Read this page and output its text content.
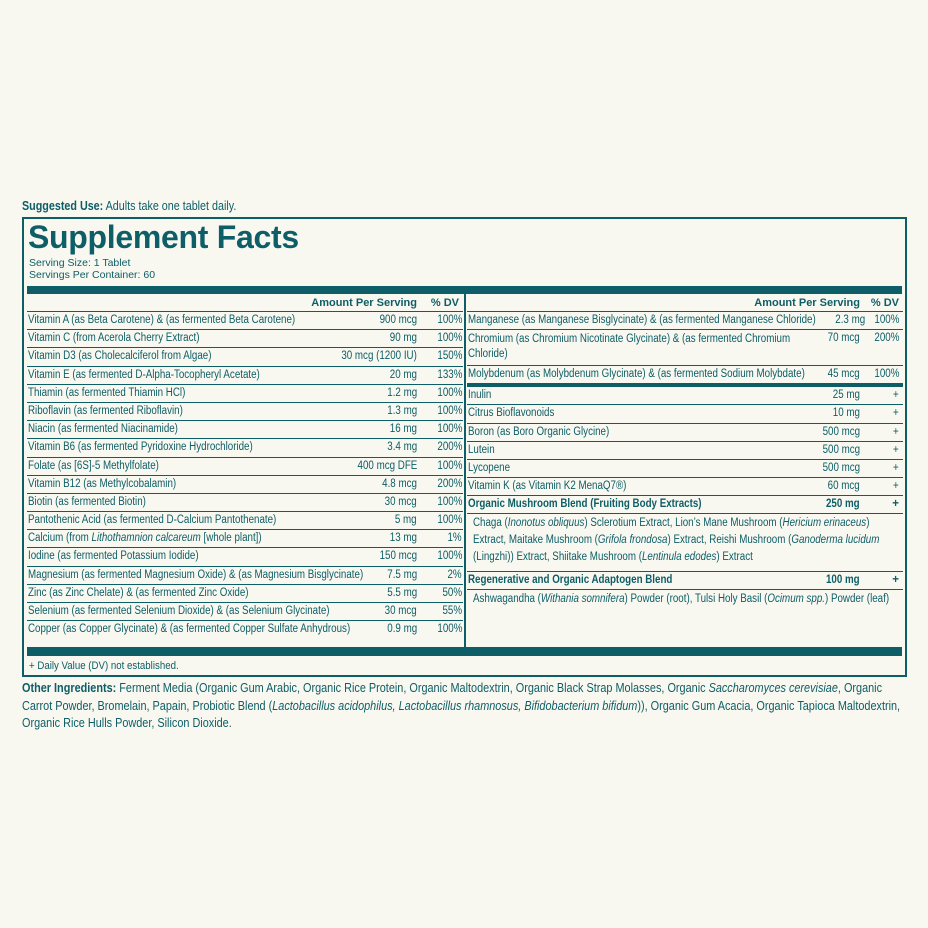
Suggested Use: Adults take one tablet daily.
Supplement Facts
Serving Size: 1 Tablet
Servings Per Container: 60
Amount Per Serving % DV
Vitamin A (as Beta Carotene) & (as fermented Beta Carotene)	900 mcg 100%
Vitamin C (from Acerola Cherry Extract)	90 mg 100%
Vitamin D3 (as Cholecalciferol from Algae)	30 mcg (1200 IU) 150%
Vitamin E (as fermented D-Alpha-Tocopheryl Acetate)	20 mg 133%
Thiamin (as fermented Thiamin HCl)	1.2 mg 100%
Riboflavin (as fermented Riboflavin)	1.3 mg 100%
Niacin (as fermented Niacinamide)	16 mg 100%
Vitamin B6 (as fermented Pyridoxine Hydrochloride)	3.4 mg 200%
Folate (as [6S]-5 Methylfolate)	400 mcg DFE 100%
Vitamin B12 (as Methylcobalamin)	4.8 mcg 200%
Biotin (as fermented Biotin)	30 mcg 100%
Pantothenic Acid (as fermented D-Calcium Pantothenate)	5 mg 100%
Calcium (from Lithothamnion calcareum [whole plant])	13 mg	1%
Iodine (as fermented Potassium Iodide)	150 mcg 100%
Magnesium (as fermented Magnesium Oxide) & (as Magnesium Bisglycinate) 7.5 mg	2%
Zinc (as Zinc Chelate) & (as fermented Zinc Oxide)	5.5 mg 50%
Selenium (as fermented Selenium Dioxide) & (as Selenium Glycinate)	30 mcg 55%
Copper (as Copper Glycinate) & (as fermented Copper Sulfate Anhydrous)	0.9 mg 100%
Amount Per Serving % DV
Manganese (as Manganese Bisglycinate) & (as fermented Manganese Chloride) 2.3 mg 100%
Chromium (as Chromium Nicotinate Glycinate) & (as fermented Chromium Chloride)
70 mcg 200%
Molybdenum (as Molybdenum Glycinate) & (as fermented Sodium Molybdate) 45 mcg 100%
Inulin	25 mg	+
Citrus Bioflavonoids	10 mg	+
Boron (as Boro Organic Glycine)	500 mcg	+
Lutein	500 mcg	+
Lycopene	500 mcg	+
Vitamin K (as Vitamin K2 MenaQ7®)	60 mcg	+
Organic Mushroom Blend (Fruiting Body Extracts)	250 mg	+
Chaga (Inonotus obliquus) Sclerotium Extract, Lion’s Mane Mushroom (Hericium erinaceus) Extract, Maitake Mushroom (Grifola frondosa) Extract, Reishi Mushroom (Ganoderma lucidum (Lingzhi)) Extract, Shiitake Mushroom (Lentinula edodes) Extract
Regenerative and Organic Adaptogen Blend	100 mg	+
Ashwagandha (Withania somnifera) Powder (root), Tulsi Holy Basil (Ocimum spp.) Powder (leaf)
+ Daily Value (DV) not established.
Other Ingredients: Ferment Media (Organic Gum Arabic, Organic Rice Protein, Organic Maltodextrin, Organic Black Strap Molasses, Organic Saccharomyces cerevisiae, Organic Carrot Powder, Bromelain, Papain, Probiotic Blend (Lactobacillus acidophilus, Lactobacillus rhamnosus, Bifidobacterium bifidum)), Organic Gum Acacia, Organic Tapioca Maltodextrin, Organic Rice Hulls Powder, Silicon Dioxide.
